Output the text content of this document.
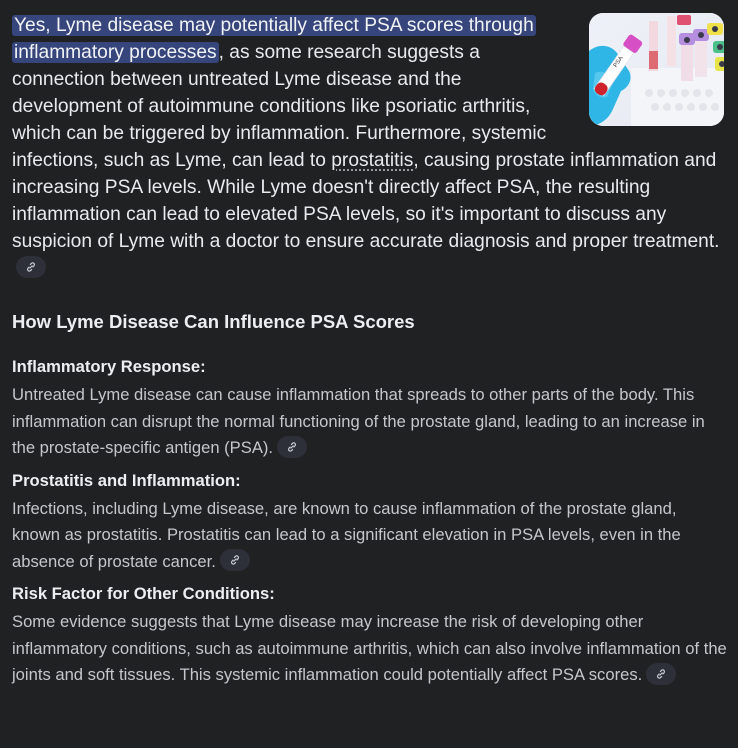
PSA

Yes, Lyme disease may potentially affect PSA scores through inflammatory processes , as some research suggests a connection between untreated Lyme disease and the development of autoimmune conditions like psoriatic arthritis, which can be triggered by inflammation. Furthermore, systemic infections, such as Lyme, can lead to prostatitis, causing prostate inflammation and increasing PSA levels. While Lyme doesn't directly affect PSA, the resulting inflammation can lead to elevated PSA levels, so it's important to discuss any suspicion of Lyme with a doctor to ensure accurate diagnosis and proper treatment.

How Lyme Disease Can Influence PSA Scores
Inflammatory Response:

Untreated Lyme disease can cause inflammation that spreads to other parts of the body. This inflammation can disrupt the normal functioning of the prostate gland, leading to an increase in the prostate-specific antigen (PSA).

Prostatitis and Inflammation:

Infections, including Lyme disease, are known to cause inflammation of the prostate gland, known as prostatitis. Prostatitis can lead to a significant elevation in PSA levels, even in the absence of prostate cancer.

Risk Factor for Other Conditions:

Some evidence suggests that Lyme disease may increase the risk of developing other inflammatory conditions, such as autoimmune arthritis, which can also involve inflammation of the joints and soft tissues. This systemic inflammation could potentially affect PSA scores.
